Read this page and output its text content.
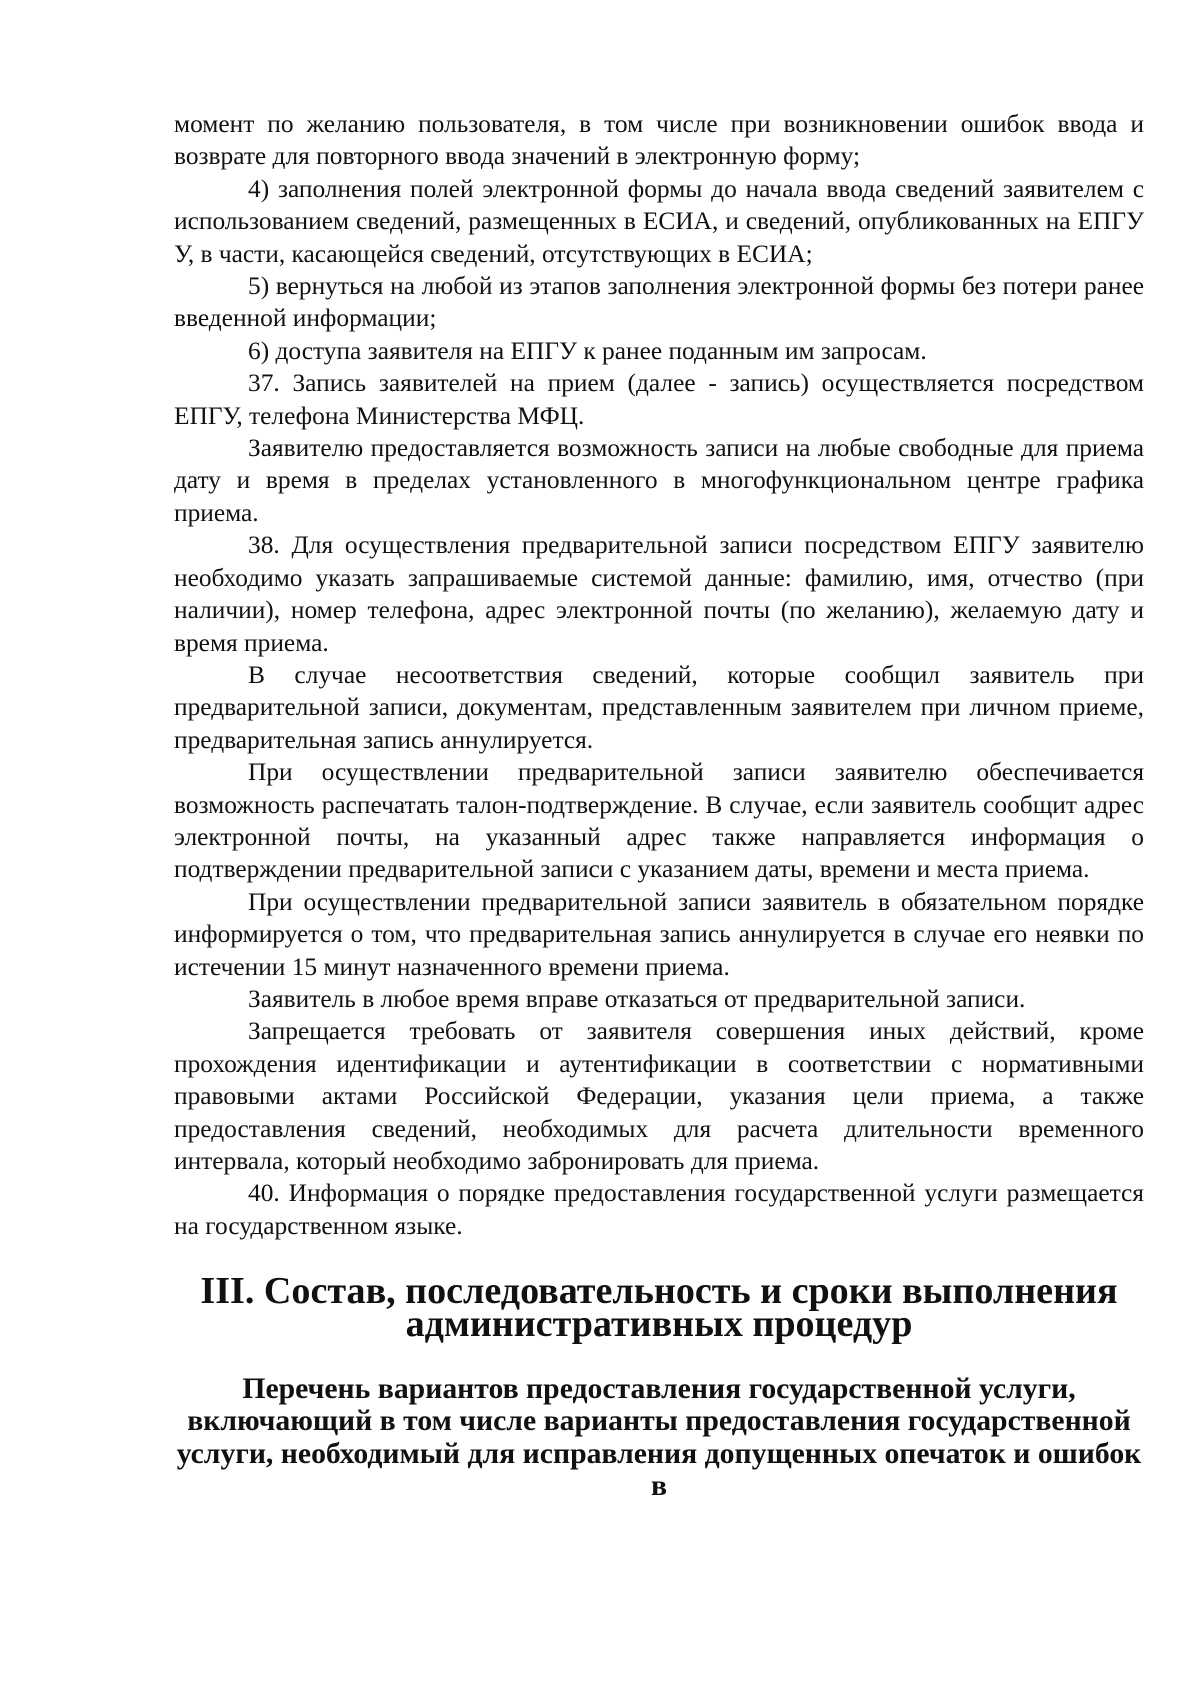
момент по желанию пользователя, в том числе при возникновении ошибок ввода и возврате для повторного ввода значений в электронную форму;

4) заполнения полей электронной формы до начала ввода сведений заявителем с использованием сведений, размещенных в ЕСИА, и сведений, опубликованных на ЕПГУ У, в части, касающейся сведений, отсутствующих в ЕСИА;

5) вернуться на любой из этапов заполнения электронной формы без потери ранее введенной информации;

6) доступа заявителя на ЕПГУ к ранее поданным им запросам.

37. Запись заявителей на прием (далее - запись) осуществляется посредством ЕПГУ, телефона Министерства МФЦ.

Заявителю предоставляется возможность записи на любые свободные для приема дату и время в пределах установленного в многофункциональном центре графика приема.

38. Для осуществления предварительной записи посредством ЕПГУ заявителю необходимо указать запрашиваемые системой данные: фамилию, имя, отчество (при наличии), номер телефона, адрес электронной почты (по желанию), желаемую дату и время приема.

В случае несоответствия сведений, которые сообщил заявитель при предварительной записи, документам, представленным заявителем при личном приеме, предварительная запись аннулируется.

При осуществлении предварительной записи заявителю обеспечивается возможность распечатать талон-подтверждение. В случае, если заявитель сообщит адрес электронной почты, на указанный адрес также направляется информация о подтверждении предварительной записи с указанием даты, времени и места приема.

При осуществлении предварительной записи заявитель в обязательном порядке информируется о том, что предварительная запись аннулируется в случае его неявки по истечении 15 минут назначенного времени приема.

Заявитель в любое время вправе отказаться от предварительной записи.

Запрещается требовать от заявителя совершения иных действий, кроме прохождения идентификации и аутентификации в соответствии с нормативными правовыми актами Российской Федерации, указания цели приема, а также предоставления сведений, необходимых для расчета длительности временного интервала, который необходимо забронировать для приема.

40. Информация о порядке предоставления государственной услуги размещается на государственном языке.

III. Состав, последовательность и сроки выполнения
административных процедур
Перечень вариантов предоставления государственной услуги,
включающий в том числе варианты предоставления государственной
услуги, необходимый для исправления допущенных опечаток и ошибок в
